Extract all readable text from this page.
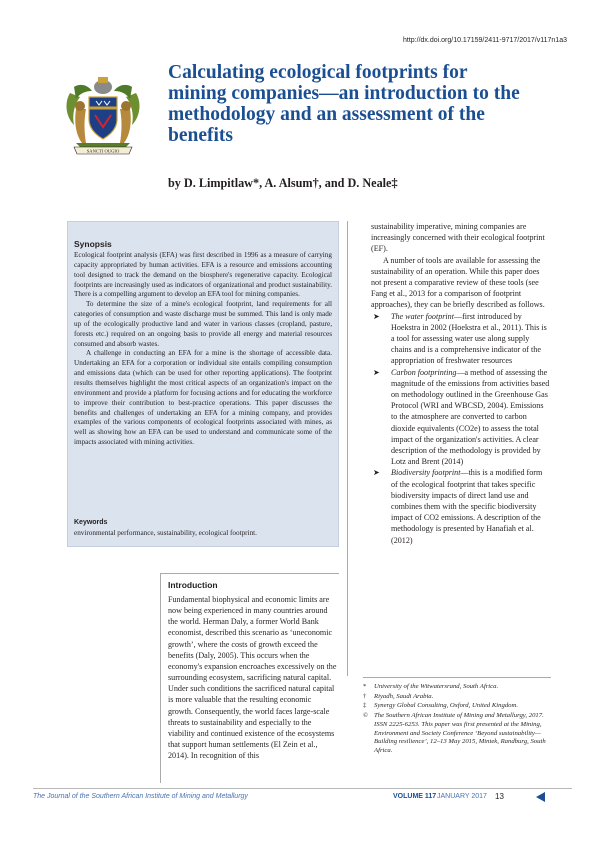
http://dx.doi.org/10.17159/2411-9717/2017/v117n1a3
SANCTI OUGIO
Calculating ecological footprints for mining companies—an introduction to the methodology and an assessment of the benefits
by D. Limpitlaw*, A. Alsum†, and D. Neale‡
Synopsis

Ecological footprint analysis (EFA) was first described in 1996 as a measure of carrying capacity appropriated by human activities. EFA is a resource and emissions accounting tool designed to track the demand on the biosphere's regenerative capacity. Ecological footprints are increasingly used as indicators of organizational and product sustainability. There is a compelling argument to develop an EFA tool for mining companies.

To determine the size of a mine's ecological footprint, land requirements for all categories of consumption and waste discharge must be summed. This land is only made up of the ecologically productive land and water in various classes (cropland, pasture, forests etc.) required on an ongoing basis to provide all energy and material resources consumed and absorb wastes.

A challenge in conducting an EFA for a mine is the shortage of accessible data. Undertaking an EFA for a corporation or individual site entails compiling consumption and emissions data (which can be used for other reporting applications). The footprint results themselves highlight the most critical aspects of an organization's impact on the environment and provide a platform for focusing actions and for educating the workforce to improve their contribution to best-practice operations. This paper discusses the benefits and challenges of undertaking an EFA for a mining company, and provides examples of the various components of ecological footprints associated with mines, as well as showing how an EFA can be used to understand and communicate some of the impacts associated with mining activities.

Keywords
environmental performance, sustainability, ecological footprint.
Introduction

Fundamental biophysical and economic limits are now being experienced in many countries around the world. Herman Daly, a former World Bank economist, described this scenario as ‘uneconomic growth’, where the costs of growth exceed the benefits (Daly, 2005). This occurs when the economy's expansion encroaches excessively on the surrounding ecosystem, sacrificing natural capital. Under such conditions the sacrificed natural capital is more valuable that the resulting economic growth. Consequently, the world faces large-scale threats to sustainability and especially to the viability and continued existence of the ecosystems that support human settlements (El Zein et al., 2014). In recognition of this

sustainability imperative, mining companies are increasingly concerned with their ecological footprint (EF).

A number of tools are available for assessing the sustainability of an operation. While this paper does not present a comparative review of these tools (see Fang et al., 2013 for a comparison of footprint approaches), they can be briefly described as follows.

➤ The water footprint—first introduced by Hoekstra in 2002 (Hoekstra et al., 2011). This is a tool for assessing water use along supply chains and is a comprehensive indicator of the appropriation of freshwater resources
➤ Carbon footprinting—a method of assessing the magnitude of the emissions from activities based on methodology outlined in the Greenhouse Gas Protocol (WRI and WBCSD, 2004). Emissions to the atmosphere are converted to carbon dioxide equivalents (CO2e) to assess the total impact of the organization's activities. A clear description of the methodology is provided by Lotz and Brent (2014)
➤ Biodiversity footprint—this is a modified form of the ecological footprint that takes specific biodiversity impacts of direct land use and combines them with the specific biodiversity impact of CO2 emissions. A description of the methodology is presented by Hanafiah et al. (2012)
* University of the Witwatersrand, South Africa.
† Riyadh, Saudi Arabia.
‡ Synergy Global Consulting, Oxford, United Kingdom.
© The Southern African Institute of Mining and Metallurgy, 2017. ISSN 2225-6253. This paper was first presented at the Mining, Environment and Society Conference ‘Beyond sustainability—Building resilience’, 12–13 May 2015, Mintek, Randburg, South Africa.
The Journal of the Southern African Institute of Mining and Metallurgy	VOLUME 117 JANUARY 2017 13
